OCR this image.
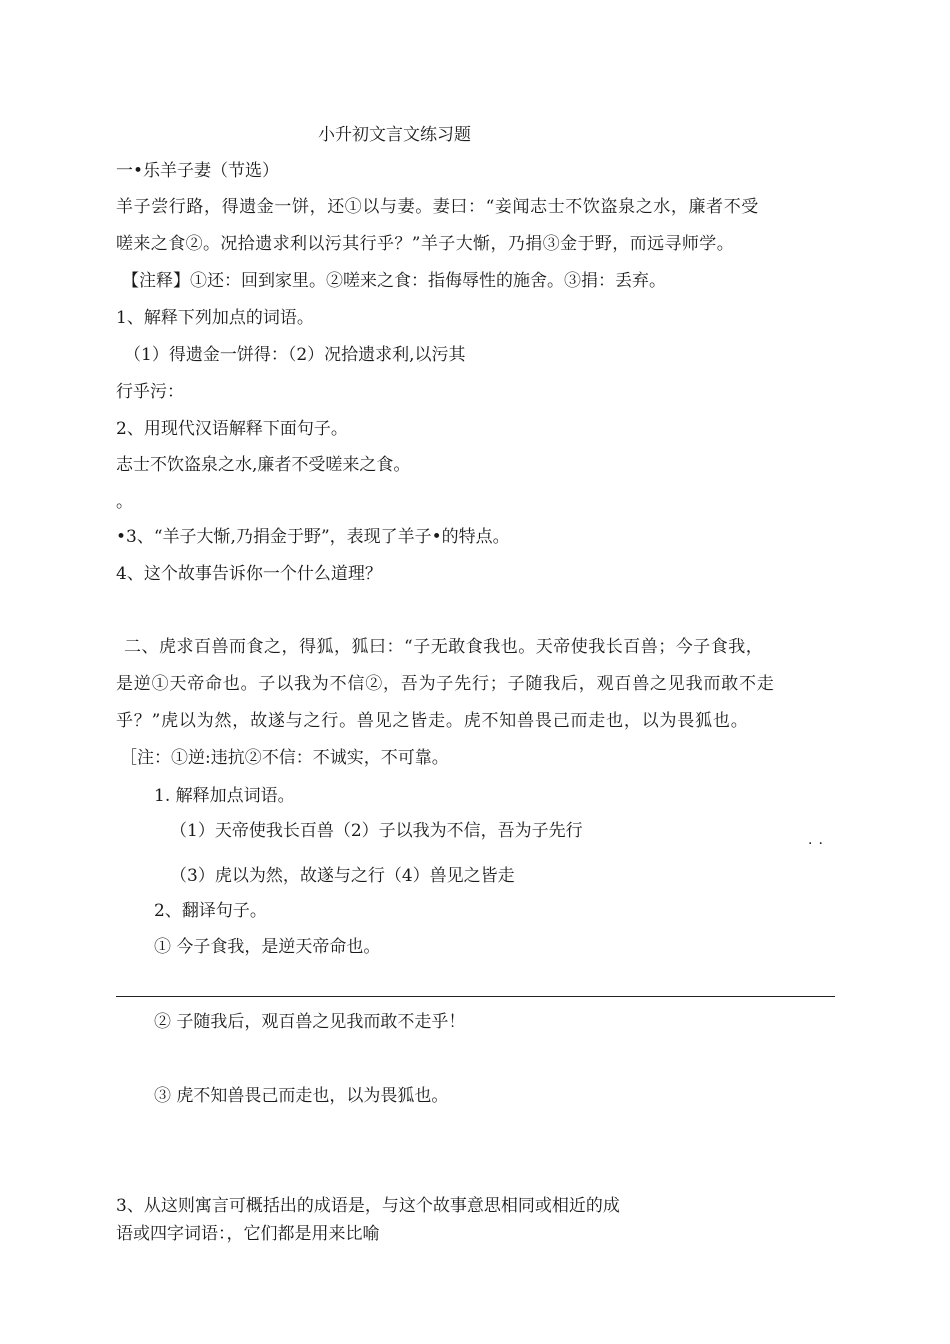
小升初文言文练习题
一•乐羊子妻（节选）
羊子尝行路，得遗金一饼，还①以与妻。妻曰：“妾闻志士不饮盗泉之水，廉者不受
嗟来之食②。况拾遗求利以污其行乎？”羊子大惭，乃捐③金于野，而远寻师学。
【注释】①还：回到家里。②嗟来之食：指侮辱性的施舍。③捐：丢弃。
1、解释下列加点的词语。
（1）得遗金一饼得：（2）况拾遗求利,以污其
行乎污：
2、用现代汉语解释下面句子。
志士不饮盗泉之水,廉者不受嗟来之食。
。
•3、“羊子大惭,乃捐金于野”，表现了羊子•的特点。
4、这个故事告诉你一个什么道理？
二、虎求百兽而食之，得狐，狐曰：“子无敢食我也。天帝使我长百兽；今子食我，
是逆①天帝命也。子以我为不信②，吾为子先行；子随我后，观百兽之见我而敢不走
乎？”虎以为然，故遂与之行。兽见之皆走。虎不知兽畏己而走也，以为畏狐也。
［注：①逆:违抗②不信：不诚实，不可靠。
1. 解释加点词语。
（1）天帝使我长百兽（2）子以我为不信，吾为子先行
··
（3）虎以为然，故遂与之行（4）兽见之皆走
2、翻译句子。
① 今子食我，是逆天帝命也。
② 子随我后，观百兽之见我而敢不走乎！
③ 虎不知兽畏己而走也，以为畏狐也。
3、从这则寓言可概括出的成语是，与这个故事意思相同或相近的成
语或四字词语：，它们都是用来比喻
